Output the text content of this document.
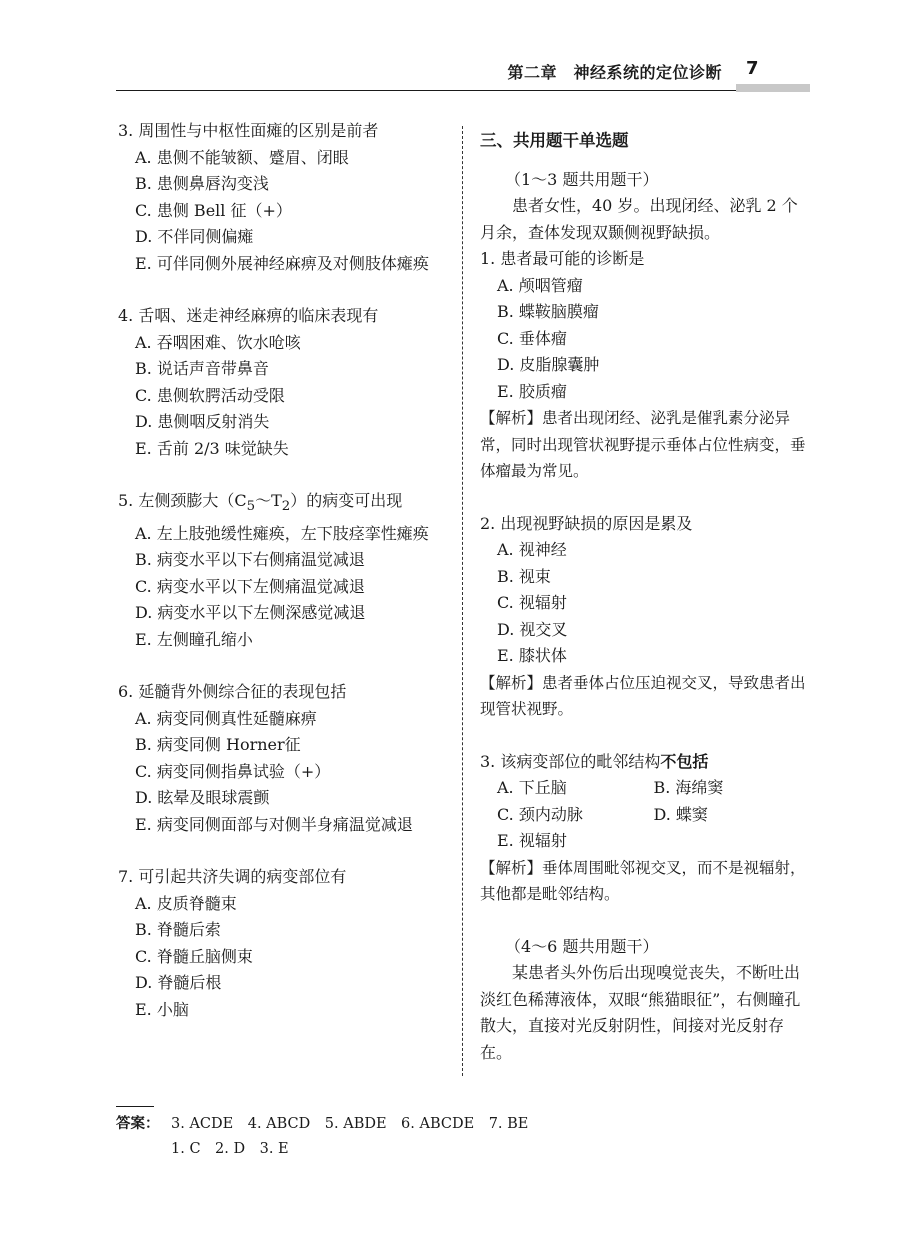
第二章　神经系统的定位诊断 7

3. 周围性与中枢性面瘫的区别是前者

A. 患侧不能皱额、蹙眉、闭眼

B. 患侧鼻唇沟变浅

C. 患侧 Bell 征（+）

D. 不伴同侧偏瘫

E. 可伴同侧外展神经麻痹及对侧肢体瘫痪

4. 舌咽、迷走神经麻痹的临床表现有

A. 吞咽困难、饮水呛咳

B. 说话声音带鼻音

C. 患侧软腭活动受限

D. 患侧咽反射消失

E. 舌前 2/3 味觉缺失

5. 左侧颈膨大$(C_5\sim T_2)$的病变可出现

A. 左上肢弛缓性瘫痪，左下肢痉挛性瘫痪

B. 病变水平以下右侧痛温觉减退

C. 病变水平以下左侧痛温觉减退

D. 病变水平以下左侧深感觉减退

E. 左侧瞳孔缩小

6. 延髓背外侧综合征的表现包括

A. 病变同侧真性延髓麻痹

B. 病变同侧 Horner征

C. 病变同侧指鼻试验（+）

D. 眩晕及眼球震颤

E. 病变同侧面部与对侧半身痛温觉减退

7. 可引起共济失调的病变部位有

A. 皮质脊髓束

B. 脊髓后索

C. 脊髓丘脑侧束

D. 脊髓后根

E. 小脑

三、共用题干单选题

（1～3 题共用题干）

患者女性，40 岁。出现闭经、泌乳 2 个月余，查体发现双颞侧视野缺损。

1. 患者最可能的诊断是

A. 颅咽管瘤

B. 蝶鞍脑膜瘤

C. 垂体瘤

D. 皮脂腺囊肿

E. 胶质瘤

【解析】患者出现闭经、泌乳是催乳素分泌异常，同时出现管状视野提示垂体占位性病变，垂体瘤最为常见。

2. 出现视野缺损的原因是累及

A. 视神经

B. 视束

C. 视辐射

D. 视交叉

E. 膝状体

【解析】患者垂体占位压迫视交叉，导致患者出现管状视野。

3. 该病变部位的毗邻结构不包括

A. 下丘脑	B. 海绵窦
C. 颈内动脉	D. 蝶窦

E. 视辐射

【解析】垂体周围毗邻视交叉，而不是视辐射，其他都是毗邻结构。

（4～6 题共用题干）

某患者头外伤后出现嗅觉丧失，不断吐出淡红色稀薄液体，双眼“熊猫眼征”，右侧瞳孔散大，直接对光反射阴性，间接对光反射存在。

答案： 3. ACDE　4. ABCD　5. ABDE　6. ABCDE　7. BE
1. C　2. D　3. E
